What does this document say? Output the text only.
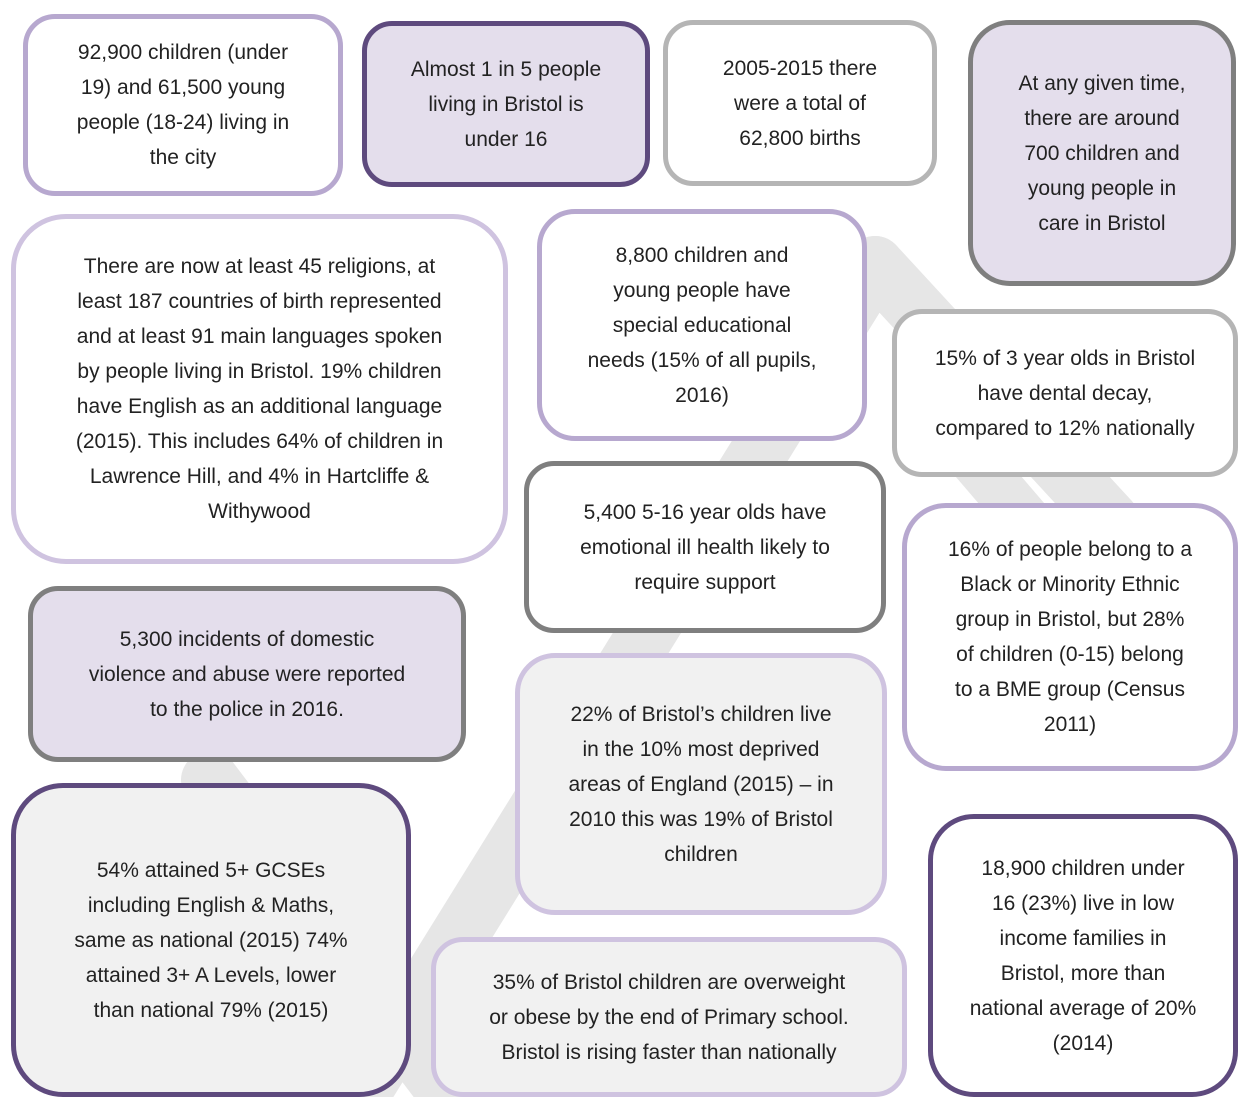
92,900 children (under
19) and 61,500 young
people (18-24) living in
the city
Almost 1 in 5 people
living in Bristol is
under 16
2005-2015 there
were a total of
62,800 births
At any given time,
there are around
700 children and
young people in
care in Bristol
There are now at least 45 religions, at
least 187 countries of birth represented
and at least 91 main languages spoken
by people living in Bristol. 19% children
have English as an additional language
(2015). This includes 64% of children in
Lawrence Hill, and 4% in Hartcliffe &
Withywood
8,800 children and
young people have
special educational
needs (15% of all pupils,
2016)
15% of 3 year olds in Bristol
have dental decay,
compared to 12% nationally
5,400 5-16 year olds have
emotional ill health likely to
require support
16% of people belong to a
Black or Minority Ethnic
group in Bristol, but 28%
of children (0-15) belong
to a BME group (Census
2011)
5,300 incidents of domestic
violence and abuse were reported
to the police in 2016.	22% of Bristol’s children live
in the 10% most deprived
areas of England (2015) – in
2010 this was 19% of Bristol
children
54% attained 5+ GCSEs
including English & Maths,
same as national (2015) 74%
attained 3+ A Levels, lower
than national 79% (2015)
35% of Bristol children are overweight
or obese by the end of Primary school.
Bristol is rising faster than nationally
18,900 children under
16 (23%) live in low
income families in
Bristol, more than
national average of 20%
(2014)
